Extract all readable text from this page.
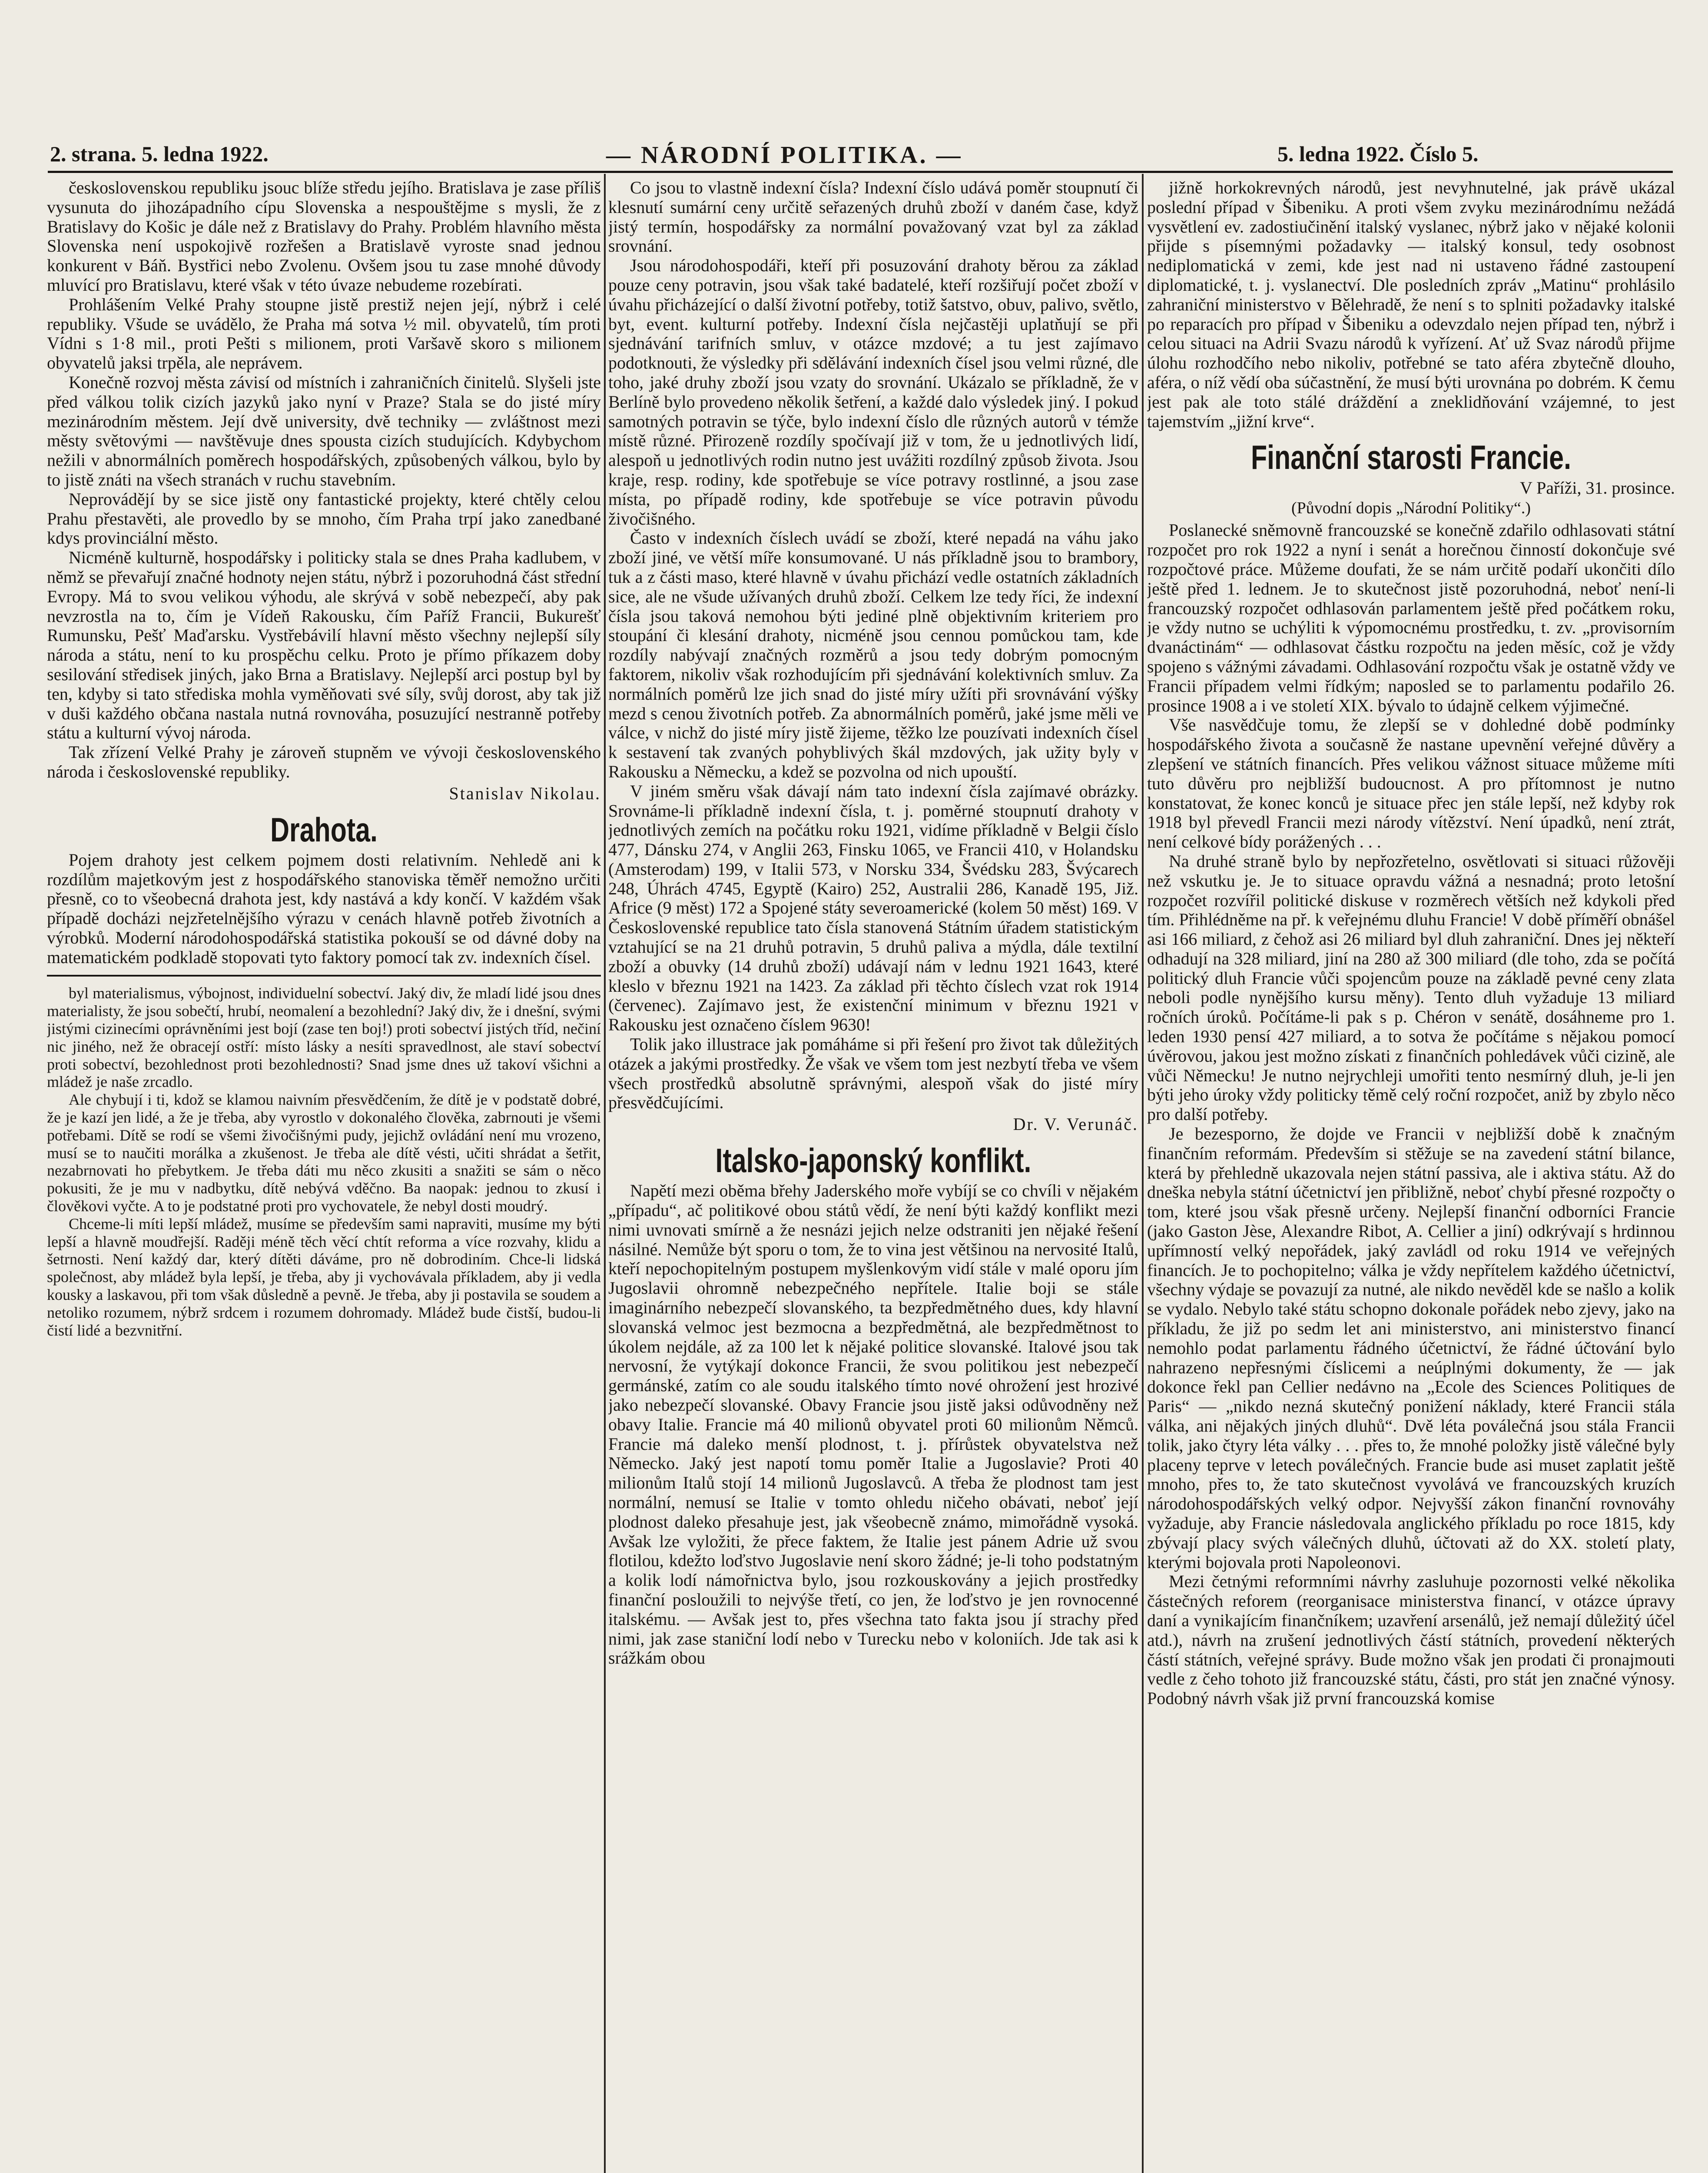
2. strana. 5. ledna 1922.	— NÁRODNÍ POLITIKA. —	5. ledna 1922. Číslo 5.

československou republiku jsouc blíže středu jejího. Bratislava je zase příliš vysunuta do jihozápadního cípu Slovenska a nespouštějme s mysli, že z Bratislavy do Košic je dále než z Bratislavy do Prahy. Problém hlavního města Slovenska není uspokojivě rozřešen a Bratislavě vyroste snad jednou konkurent v Báň. Bystřici nebo Zvolenu. Ovšem jsou tu zase mnohé důvody mluvící pro Bratislavu, které však v této úvaze nebudeme rozebírati.

Prohlášením Velké Prahy stoupne jistě prestiž nejen její, nýbrž i celé republiky. Všude se uvádělo, že Praha má sotva ½ mil. obyvatelů, tím proti Vídni s 1·8 mil., proti Pešti s milionem, proti Varšavě skoro s milionem obyvatelů jaksi trpěla, ale neprávem.

Konečně rozvoj města závisí od místních i zahraničních činitelů. Slyšeli jste před válkou tolik cizích jazyků jako nyní v Praze? Stala se do jisté míry mezinárodním městem. Její dvě university, dvě techniky — zvláštnost mezi městy světovými — navštěvuje dnes spousta cizích studujících. Kdybychom nežili v abnormálních poměrech hospodářských, způsobených válkou, bylo by to jistě znáti na všech stranách v ruchu stavebním.

Neprovádějí by se sice jistě ony fantastické projekty, které chtěly celou Prahu přestavěti, ale provedlo by se mnoho, čím Praha trpí jako zanedbané kdys provinciální město.

Nicméně kulturně, hospodářsky i politicky stala se dnes Praha kadlubem, v němž se převařují značné hodnoty nejen státu, nýbrž i pozoruhodná část střední Evropy. Má to svou velikou výhodu, ale skrývá v sobě nebezpečí, aby pak nevzrostla na to, čím je Vídeň Rakousku, čím Paříž Francii, Bukurešť Rumunsku, Pešť Maďarsku. Vystřebávilí hlavní město všechny nejlepší síly národa a státu, není to ku prospěchu celku. Proto je přímo příkazem doby sesilování středisek jiných, jako Brna a Bratislavy. Nejlepší arci postup byl by ten, kdyby si tato střediska mohla vyměňovati své síly, svůj dorost, aby tak již v duši každého občana nastala nutná rovnováha, posuzující nestranně potřeby státu a kulturní vývoj národa.

Tak zřízení Velké Prahy je zároveň stupněm ve vývoji československého národa i československé republiky.

Stanislav Nikolau.

Drahota.

Pojem drahoty jest celkem pojmem dosti relativním. Nehledě ani k rozdílům majetkovým jest z hospodářského stanoviska těměř nemožno určiti přesně, co to všeobecná drahota jest, kdy nastává a kdy končí. V každém však případě docházi nejzřetelnějšího výrazu v cenách hlavně potřeb životních a výrobků. Moderní národohospodářská statistika pokouší se od dávné doby na matematickém podkladě stopovati tyto faktory pomocí tak zv. indexních čísel.

byl materialismus, výbojnost, individuelní sobectví. Jaký div, že mladí lidé jsou dnes materialisty, že jsou sobečtí, hrubí, neomalení a bezohlední? Jaký div, že i dnešní, svými jistými cizinecími oprávněními jest bojí (zase ten boj!) proti sobectví jistých tříd, nečiní nic jiného, než že obracejí ostří: místo lásky a nesíti spravedlnost, ale staví sobectví proti sobectví, bezohlednost proti bezohlednosti? Snad jsme dnes už takoví všichni a mládež je naše zrcadlo.

Ale chybují i ti, kdož se klamou naivním přesvědčením, že dítě je v podstatě dobré, že je kazí jen lidé, a že je třeba, aby vyrostlo v dokonalého člověka, zabrnouti je všemi potřebami. Dítě se rodí se všemi živočišnými pudy, jejichž ovládání není mu vrozeno, musí se to naučiti morálka a zkušenost. Je třeba ale dítě vésti, učiti shrádat a šetřit, nezabrnovati ho přebytkem. Je třeba dáti mu něco zkusiti a snažiti se sám o něco pokusiti, že je mu v nadbytku, dítě nebývá vděčno. Ba naopak: jednou to zkusí i člověkovi vyčte. A to je podstatné proti pro vychovatele, že nebyl dosti moudrý.

Chceme-li míti lepší mládež, musíme se především sami napraviti, musíme my býti lepší a hlavně moudřejší. Raději méně těch věcí chtít reforma a více rozvahy, klidu a šetrnosti. Není každý dar, který dítěti dáváme, pro ně dobrodiním. Chce-li lidská společnost, aby mládež byla lepší, je třeba, aby ji vychovávala příkladem, aby ji vedla kousky a laskavou, při tom však důsledně a pevně. Je třeba, aby ji postavila se soudem a netoliko rozumem, nýbrž srdcem i rozumem dohromady. Mládež bude čistší, budou-li čistí lidé a bezvnitřní.

Co jsou to vlastně indexní čísla? Indexní číslo udává poměr stoupnutí či klesnutí sumární ceny určitě seřazených druhů zboží v daném čase, když jistý termín, hospodářsky za normální považovaný vzat byl za základ srovnání.

Jsou národohospodáři, kteří při posuzování drahoty běrou za základ pouze ceny potravin, jsou však také badatelé, kteří rozšiřují počet zboží v úvahu přicházející o další životní potřeby, totiž šatstvo, obuv, palivo, světlo, byt, event. kulturní potřeby. Indexní čísla nejčastěji uplatňují se při sjednávání tarifních smluv, v otázce mzdové; a tu jest zajímavo podotknouti, že výsledky při sdělávání indexních čísel jsou velmi různé, dle toho, jaké druhy zboží jsou vzaty do srovnání. Ukázalo se příkladně, že v Berlíně bylo provedeno několik šetření, a každé dalo výsledek jiný. I pokud samotných potravin se týče, bylo indexní číslo dle různých autorů v témže místě různé. Přirozeně rozdíly spočívají již v tom, že u jednotlivých lidí, alespoň u jednotlivých rodin nutno jest uvážiti rozdílný způsob života. Jsou kraje, resp. rodiny, kde spotřebuje se více potravy rostlinné, a jsou zase místa, po případě rodiny, kde spotřebuje se více potravin původu živočišného.

Často v indexních číslech uvádí se zboží, které nepadá na váhu jako zboží jiné, ve větší míře konsumované. U nás příkladně jsou to brambory, tuk a z části maso, které hlavně v úvahu přichází vedle ostatních základních sice, ale ne všude užívaných druhů zboží. Celkem lze tedy říci, že indexní čísla jsou taková nemohou býti jediné plně objektivním kriteriem pro stoupání či klesání drahoty, nicméně jsou cennou pomůckou tam, kde rozdíly nabývají značných rozměrů a jsou tedy dobrým pomocným faktorem, nikoliv však rozhodujícím při sjednávání kolektivních smluv. Za normálních poměrů lze jich snad do jisté míry užíti při srovnávání výšky mezd s cenou životních potřeb. Za abnormálních poměrů, jaké jsme měli ve válce, v nichž do jisté míry jistě žijeme, těžko lze pouzívati indexních čísel k sestavení tak zvaných pohyblivých škál mzdových, jak užity byly v Rakousku a Německu, a kdež se pozvolna od nich upouští.

V jiném směru však dávají nám tato indexní čísla zajímavé obrázky. Srovnáme-li příkladně indexní čísla, t. j. poměrné stoupnutí drahoty v jednotlivých zemích na počátku roku 1921, vidíme příkladně v Belgii číslo 477, Dánsku 274, v Anglii 263, Finsku 1065, ve Francii 410, v Holandsku (Amsterodam) 199, v Italii 573, v Norsku 334, Švédsku 283, Švýcarech 248, Úhrách 4745, Egyptě (Kairo) 252, Australii 286, Kanadě 195, Již. Africe (9 měst) 172 a Spojené státy severoamerické (kolem 50 měst) 169. V Československé republice tato čísla stanovená Státním úřadem statistickým vztahující se na 21 druhů potravin, 5 druhů paliva a mýdla, dále textilní zboží a obuvky (14 druhů zboží) udávají nám v lednu 1921 1643, které kleslo v březnu 1921 na 1423. Za základ při těchto číslech vzat rok 1914 (červenec). Zajímavo jest, že existenční minimum v březnu 1921 v Rakousku jest označeno číslem 9630!

Tolik jako illustrace jak pomáháme si při řešení pro život tak důležitých otázek a jakými prostředky. Že však ve všem tom jest nezbytí třeba ve všem všech prostředků absolutně správnými, alespoň však do jisté míry přesvědčujícími.

Dr. V. Verunáč.

Italsko-japonský konflikt.

Napětí mezi oběma břehy Jaderského moře vybíjí se co chvíli v nějakém „případu“, ač politikové obou států vědí, že není býti každý konflikt mezi nimi uvnovati smírně a že nesnázi jejich nelze odstraniti jen nějaké řešení násilné. Nemůže být sporu o tom, že to vina jest většinou na nervosité Italů, kteří nepochopitelným postupem myšlenkovým vidí stále v malé oporu jím Jugoslavii ohromně nebezpečného nepřítele. Italie boji se stále imaginárního nebezpečí slovanského, ta bezpředmětného dues, kdy hlavní slovanská velmoc jest bezmocna a bezpředmětná, ale bezpředmětnost to úkolem nejdále, až za 100 let k nějaké politice slovanské. Italové jsou tak nervosní, že vytýkají dokonce Francii, že svou politikou jest nebezpečí germánské, zatím co ale soudu italského tímto nové ohrožení jest hrozivé jako nebezpečí slovanské. Obavy Francie jsou jistě jaksi odůvodněny než obavy Italie. Francie má 40 milionů obyvatel proti 60 milionům Němců. Francie má daleko menší plodnost, t. j. přírůstek obyvatelstva než Německo. Jaký jest napotí tomu poměr Italie a Jugoslavie? Proti 40 milionům Italů stojí 14 milionů Jugoslavců. A třeba že plodnost tam jest normální, nemusí se Italie v tomto ohledu ničeho obávati, neboť její plodnost daleko přesahuje jest, jak všeobecně známo, mimořádně vysoká. Avšak lze vyložiti, že přece faktem, že Italie jest pánem Adrie už svou flotilou, kdežto loďstvo Jugoslavie není skoro žádné; je-li toho podstatným a kolik lodí námořnictva bylo, jsou rozkouskovány a jejich prostředky finanční posloužili to nejvýše třetí, co jen, že loďstvo je jen rovnocenné italskému. — Avšak jest to, přes všechna tato fakta jsou jí strachy před nimi, jak zase staniční lodí nebo v Turecku nebo v koloniích. Jde tak asi k srážkám obou

jižně horkokrevných národů, jest nevyhnutelné, jak právě ukázal poslední případ v Šibeniku. A proti všem zvyku mezinárodnímu nežádá vysvětlení ev. zadostiučinění italský vyslanec, nýbrž jako v nějaké kolonii přijde s písemnými požadavky — italský konsul, tedy osobnost nediplomatická v zemi, kde jest nad ni ustaveno řádné zastoupení diplomatické, t. j. vyslanectví. Dle posledních zpráv „Matinu“ prohlásilo zahraniční ministerstvo v Bělehradě, že není s to splniti požadavky italské po reparacích pro případ v Šibeniku a odevzdalo nejen případ ten, nýbrž i celou situaci na Adrii Svazu národů k vyřízení. Ať už Svaz národů přijme úlohu rozhodčího nebo nikoliv, potřebné se tato aféra zbytečně dlouho, aféra, o níž vědí oba súčastnění, že musí býti urovnána po dobrém. K čemu jest pak ale toto stálé dráždění a zneklidňování vzájemné, to jest tajemstvím „jižní krve“.

Finanční starosti Francie.

V Paříži, 31. prosince.

(Původní dopis „Národní Politiky“.)

Poslanecké sněmovně francouzské se konečně zdařilo odhlasovati státní rozpočet pro rok 1922 a nyní i senát a horečnou činností dokončuje své rozpočtové práce. Můžeme doufati, že se nám určitě podaří ukončiti dílo ještě před 1. lednem. Je to skutečnost jistě pozoruhodná, neboť není-li francouzský rozpočet odhlasován parlamentem ještě před počátkem roku, je vždy nutno se uchýliti k výpomocnému prostředku, t. zv. „provisorním dvanáctinám“ — odhlasovat částku rozpočtu na jeden měsíc, což je vždy spojeno s vážnými závadami. Odhlasování rozpočtu však je ostatně vždy ve Francii případem velmi řídkým; naposled se to parlamentu podařilo 26. prosince 1908 a i ve století XIX. bývalo to údajně celkem výjimečné.

Vše nasvědčuje tomu, že zlepší se v dohledné době podmínky hospodářského života a současně že nastane upevnění veřejné důvěry a zlepšení ve státních financích. Přes velikou vážnost situace můžeme míti tuto důvěru pro nejbližší budoucnost. A pro přítomnost je nutno konstatovat, že konec konců je situace přec jen stále lepší, než kdyby rok 1918 byl převedl Francii mezi národy vítězství. Není úpadků, není ztrát, není celkové bídy porážených . . .

Na druhé straně bylo by nepřozřetelno, osvětlovati si situaci růžověji než vskutku je. Je to situace opravdu vážná a nesnadná; proto letošní rozpočet rozvířil politické diskuse v rozměrech větších než kdykoli před tím. Přihlédněme na př. k veřejnému dluhu Francie! V době příměří obnášel asi 166 miliard, z čehož asi 26 miliard byl dluh zahraniční. Dnes jej někteří odhadují na 328 miliard, jiní na 280 až 300 miliard (dle toho, zda se počítá politický dluh Francie vůči spojencům pouze na základě pevné ceny zlata neboli podle nynějšího kursu měny). Tento dluh vyžaduje 13 miliard ročních úroků. Počítáme-li pak s p. Chéron v senátě, dosáhneme pro 1. leden 1930 pensí 427 miliard, a to sotva že počítáme s nějakou pomocí úvěrovou, jakou jest možno získati z finančních pohledávek vůči cizině, ale vůči Německu! Je nutno nejrychleji umořiti tento nesmírný dluh, je-li jen býti jeho úroky vždy politicky těmě celý roční rozpočet, aniž by zbylo něco pro další potřeby.

Je bezesporno, že dojde ve Francii v nejbližší době k značným finančním reformám. Především si stěžuje se na zavedení státní bilance, která by přehledně ukazovala nejen státní passiva, ale i aktiva státu. Až do dneška nebyla státní účetnictví jen přibližně, neboť chybí přesné rozpočty o tom, které jsou však přesně určeny. Nejlepší finanční odborníci Francie (jako Gaston Jèse, Alexandre Ribot, A. Cellier a jiní) odkrývají s hrdinnou upřímností velký nepořádek, jaký zavládl od roku 1914 ve veřejných financích. Je to pochopitelno; válka je vždy nepřítelem každého účetnictví, všechny výdaje se povazují za nutné, ale nikdo nevěděl kde se našlo a kolik se vydalo. Nebylo také státu schopno dokonale pořádek nebo zjevy, jako na příkladu, že již po sedm let ani ministerstvo, ani ministerstvo financí nemohlo podat parlamentu řádného účetnictví, že řádné účtování bylo nahrazeno nepřesnými číslicemi a neúplnými dokumenty, že — jak dokonce řekl pan Cellier nedávno na „Ecole des Sciences Politiques de Paris“ — „nikdo nezná skutečný ponižení náklady, které Francii stála válka, ani nějakých jiných dluhů“. Dvě léta poválečná jsou stála Francii tolik, jako čtyry léta války . . . přes to, že mnohé položky jistě válečné byly placeny teprve v letech poválečných. Francie bude asi muset zaplatit ještě mnoho, přes to, že tato skutečnost vyvolává ve francouzských kruzích národohospodářských velký odpor. Nejvyšší zákon finanční rovnováhy vyžaduje, aby Francie následovala anglického příkladu po roce 1815, kdy zbývají placy svých válečných dluhů, účtovati až do XX. století platy, kterými bojovala proti Napoleonovi.

Mezi četnými reformními návrhy zasluhuje pozornosti velké několika částečných reforem (reorganisace ministerstva financí, v otázce úpravy daní a vynikajícím finančníkem; uzavření arsenálů, jež nemají důležitý účel atd.), návrh na zrušení jednotlivých částí státních, provedení některých částí státních, veřejné správy. Bude možno však jen prodati či pronajmouti vedle z čeho tohoto již francouzské státu, části, pro stát jen značné výnosy. Podobný návrh však již první francouzská komise
